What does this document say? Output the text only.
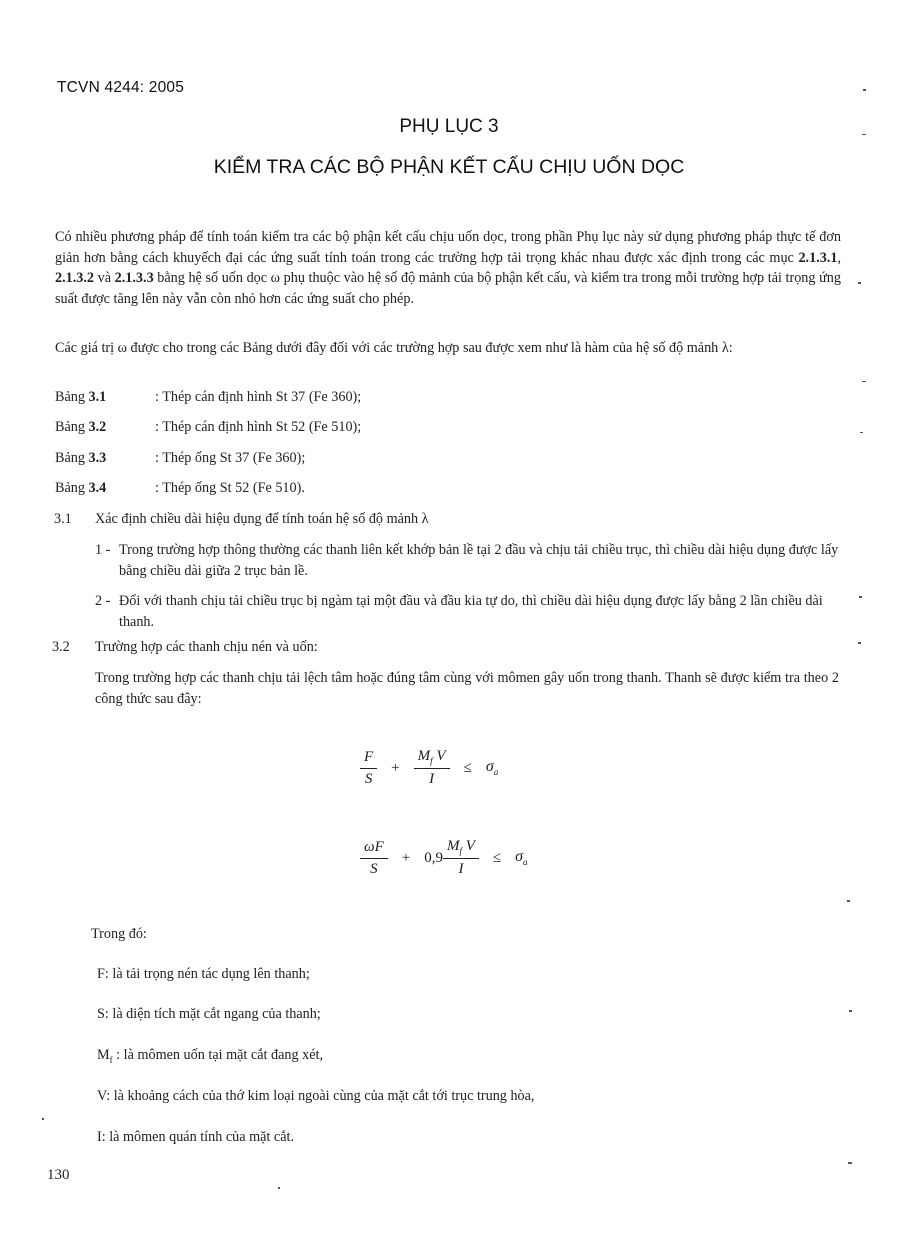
TCVN 4244: 2005
PHỤ LỤC 3
KIỂM TRA CÁC BỘ PHẬN KẾT CẤU CHỊU UỐN DỌC
Có nhiều phương pháp để tính toán kiểm tra các bộ phận kết cấu chịu uốn dọc, trong phần Phụ lục này sử dụng phương pháp thực tế đơn giản hơn bằng cách khuyếch đại các ứng suất tính toán trong các trường hợp tải trọng khác nhau được xác định trong các mục 2.1.3.1, 2.1.3.2 và 2.1.3.3 bằng hệ số uốn dọc ω phụ thuộc vào hệ số độ mảnh của bộ phận kết cấu, và kiểm tra trong mỗi trường hợp tải trọng ứng suất được tăng lên này vẫn còn nhỏ hơn các ứng suất cho phép.
Các giá trị ω được cho trong các Bảng dưới đây đối với các trường hợp sau được xem như là hàm của hệ số độ mảnh λ:
Bảng 3.1	: Thép cán định hình St 37 (Fe 360);
Bảng 3.2	: Thép cán định hình St 52 (Fe 510);
Bảng 3.3	: Thép ống St 37 (Fe 360);
Bảng 3.4	: Thép ống St 52 (Fe 510).
3.1 Xác định chiều dài hiệu dụng để tính toán hệ số độ mảnh λ
1 - Trong trường hợp thông thường các thanh liên kết khớp bản lề tại 2 đầu và chịu tải chiều trục, thì chiều dài hiệu dụng được lấy bằng chiều dài giữa 2 trục bản lề.
2 - Đối với thanh chịu tải chiều trục bị ngàm tại một đầu và đầu kia tự do, thì chiều dài hiệu dụng được lấy bằng 2 lần chiều dài thanh.
3.2 Trường hợp các thanh chịu nén và uốn:
Trong trường hợp các thanh chịu tải lệch tâm hoặc đúng tâm cùng với mômen gây uốn trong thanh. Thanh sẽ được kiểm tra theo 2 công thức sau đây:
$\frac{F}{S} + \frac{M_f V}{I} \le \sigma_a$
$\frac{\omega F}{S} + 0,9 \frac{M_f V}{I} \le \sigma_a$
Trong đó:
F: là tải trọng nén tác dụng lên thanh;
S: là diện tích mặt cắt ngang của thanh;
$M_f$ : là mômen uốn tại mặt cắt đang xét,
V: là khoảng cách của thớ kim loại ngoài cùng của mặt cắt tới trục trung hòa,
I: là mômen quán tính của mặt cắt.
130
